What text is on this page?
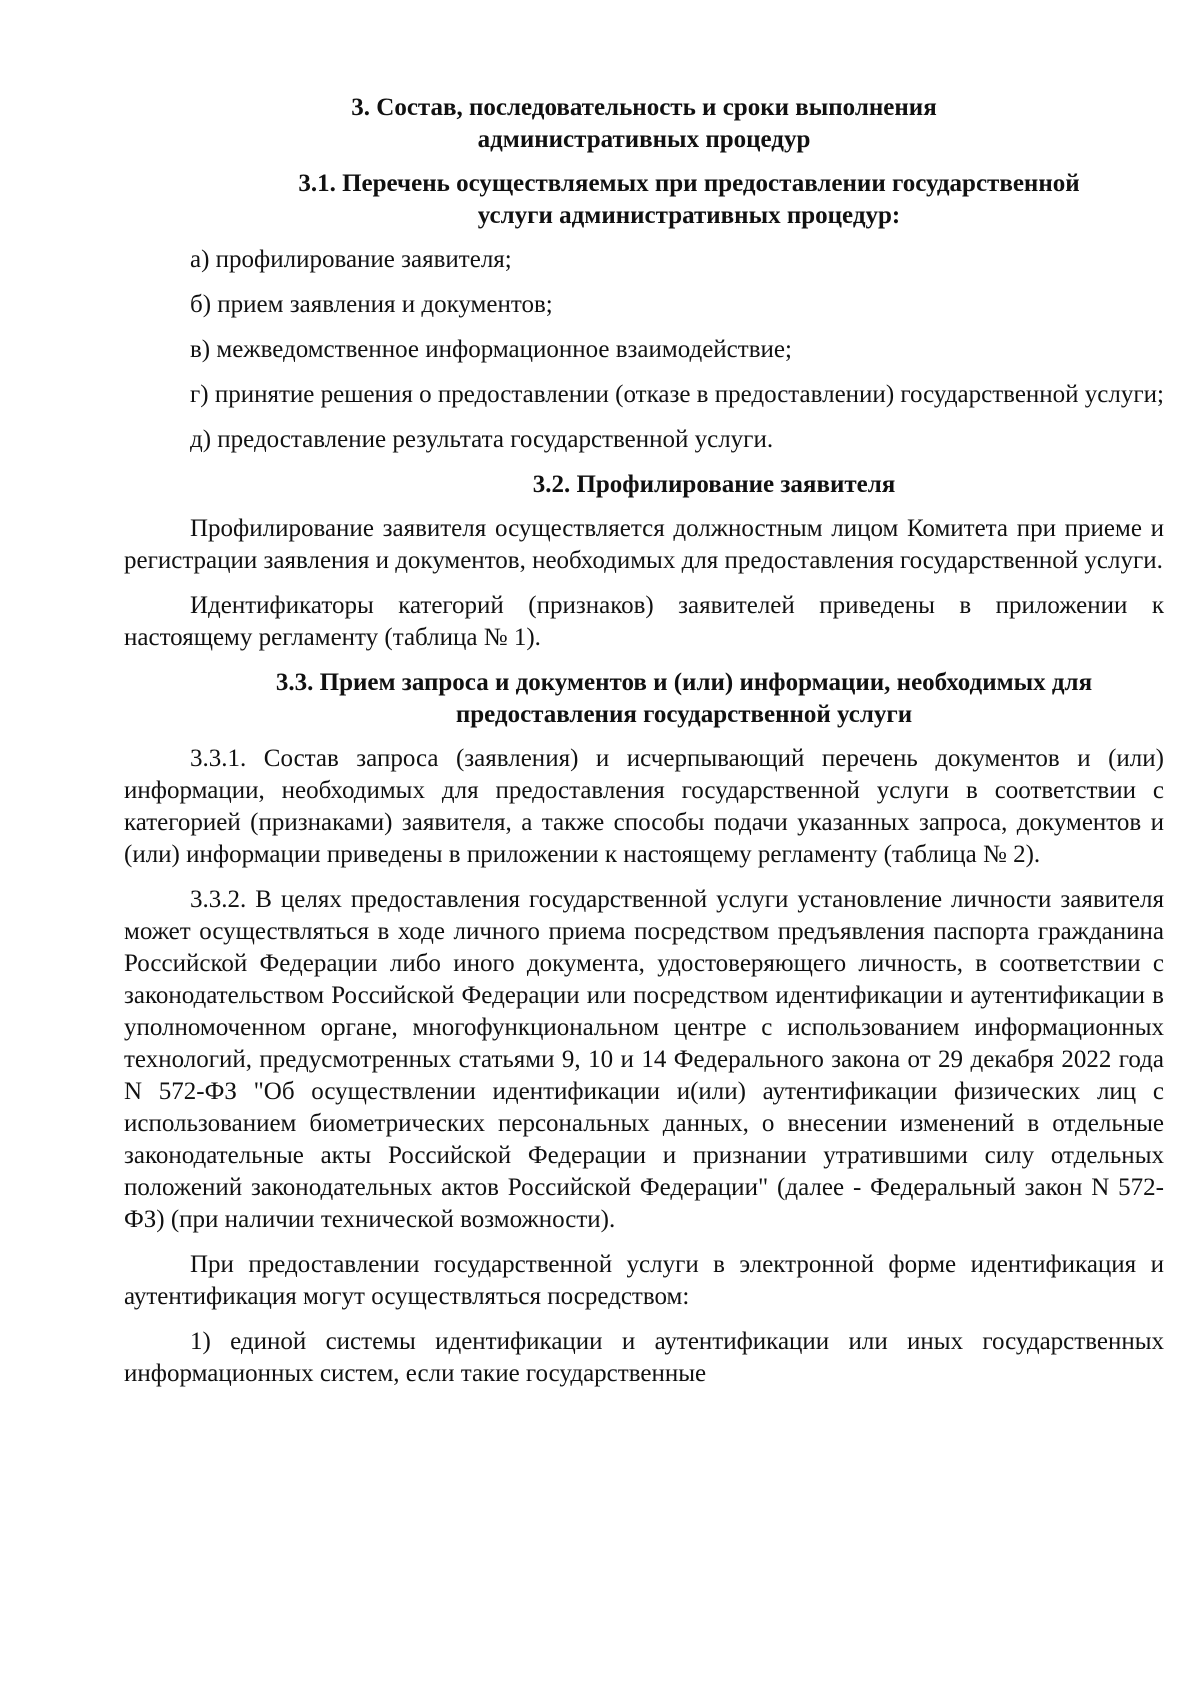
3. Состав, последовательность и сроки выполнения
административных процедур
3.1. Перечень осуществляемых при предоставлении государственной
услуги административных процедур:

а) профилирование заявителя;

б) прием заявления и документов;

в) межведомственное информационное взаимодействие;

г) принятие решения о предоставлении (отказе в предоставлении) государственной услуги;

д) предоставление результата государственной услуги.

3.2. Профилирование заявителя

Профилирование заявителя осуществляется должностным лицом Комитета при приеме и регистрации заявления и документов, необходимых для предоставления государственной услуги.

Идентификаторы категорий (признаков) заявителей приведены в приложении к настоящему регламенту (таблица № 1).

3.3. Прием запроса и документов и (или) информации, необходимых для
предоставления государственной услуги

3.3.1. Состав запроса (заявления) и исчерпывающий перечень документов и (или) информации, необходимых для предоставления государственной услуги в соответствии с категорией (признаками) заявителя, а также способы подачи указанных запроса, документов и (или) информации приведены в приложении к настоящему регламенту (таблица № 2).

3.3.2. В целях предоставления государственной услуги установление личности заявителя может осуществляться в ходе личного приема посредством предъявления паспорта гражданина Российской Федерации либо иного документа, удостоверяющего личность, в соответствии с законодательством Российской Федерации или посредством идентификации и аутентификации в уполномоченном органе, многофункциональном центре с использованием информационных технологий, предусмотренных статьями 9, 10 и 14 Федерального закона от 29 декабря 2022 года N 572-ФЗ "Об осуществлении идентификации и(или) аутентификации физических лиц с использованием биометрических персональных данных, о внесении изменений в отдельные законодательные акты Российской Федерации и признании утратившими силу отдельных положений законодательных актов Российской Федерации" (далее - Федеральный закон N 572-ФЗ) (при наличии технической возможности).

При предоставлении государственной услуги в электронной форме идентификация и аутентификация могут осуществляться посредством:

1) единой системы идентификации и аутентификации или иных государственных информационных систем, если такие государственные
